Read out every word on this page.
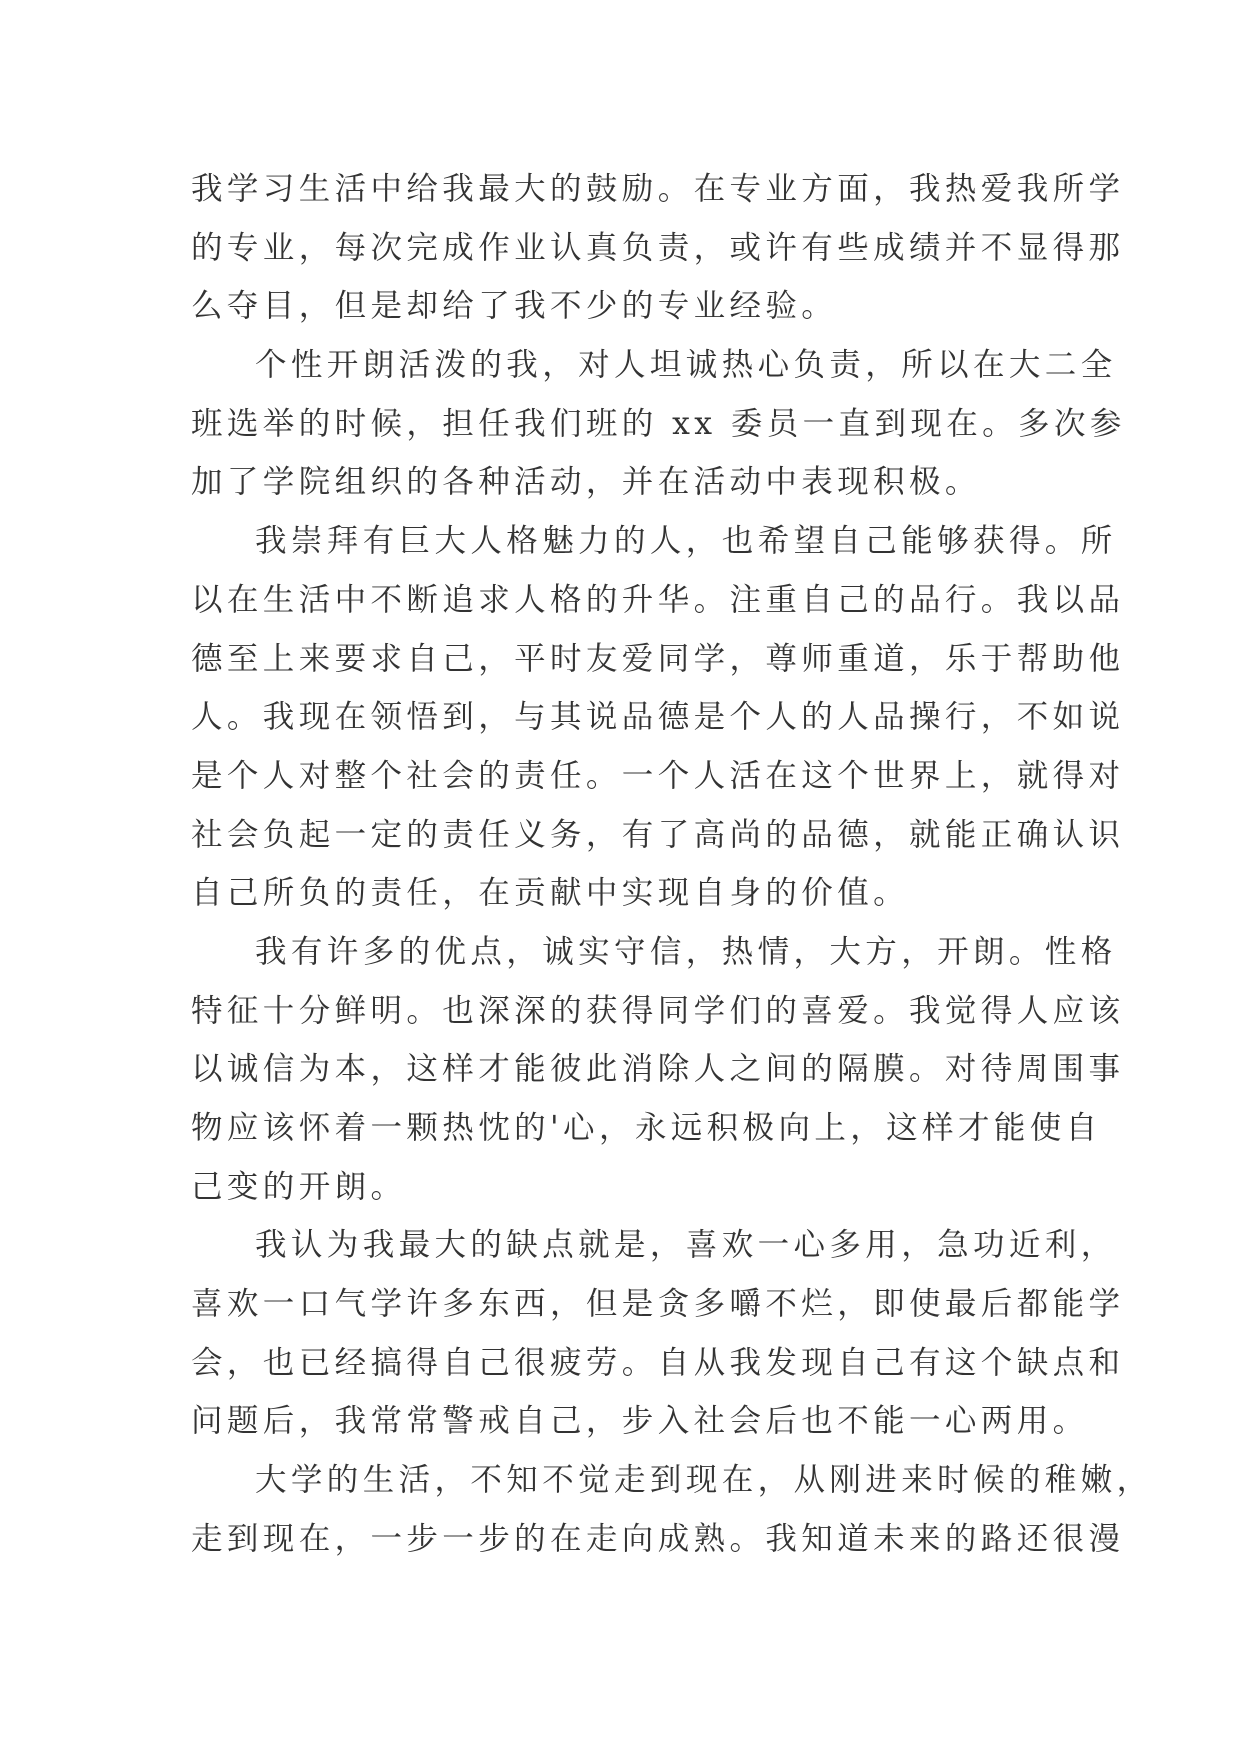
我学习生活中给我最大的鼓励。在专业方面，我热爱我所学
的专业，每次完成作业认真负责，或许有些成绩并不显得那
么夺目，但是却给了我不少的专业经验。
个性开朗活泼的我，对人坦诚热心负责，所以在大二全
班选举的时候，担任我们班的 xx 委员一直到现在。多次参
加了学院组织的各种活动，并在活动中表现积极。
我崇拜有巨大人格魅力的人，也希望自己能够获得。所
以在生活中不断追求人格的升华。注重自己的品行。我以品
德至上来要求自己，平时友爱同学，尊师重道，乐于帮助他
人。我现在领悟到，与其说品德是个人的人品操行，不如说
是个人对整个社会的责任。一个人活在这个世界上，就得对
社会负起一定的责任义务，有了高尚的品德，就能正确认识
自己所负的责任，在贡献中实现自身的价值。
我有许多的优点，诚实守信，热情，大方，开朗。性格
特征十分鲜明。也深深的获得同学们的喜爱。我觉得人应该
以诚信为本，这样才能彼此消除人之间的隔膜。对待周围事
物应该怀着一颗热忱的'心，永远积极向上，这样才能使自
己变的开朗。
我认为我最大的缺点就是，喜欢一心多用，急功近利，
喜欢一口气学许多东西，但是贪多嚼不烂，即使最后都能学
会，也已经搞得自己很疲劳。自从我发现自己有这个缺点和
问题后，我常常警戒自己，步入社会后也不能一心两用。
大学的生活，不知不觉走到现在，从刚进来时候的稚嫩，
走到现在，一步一步的在走向成熟。我知道未来的路还很漫
